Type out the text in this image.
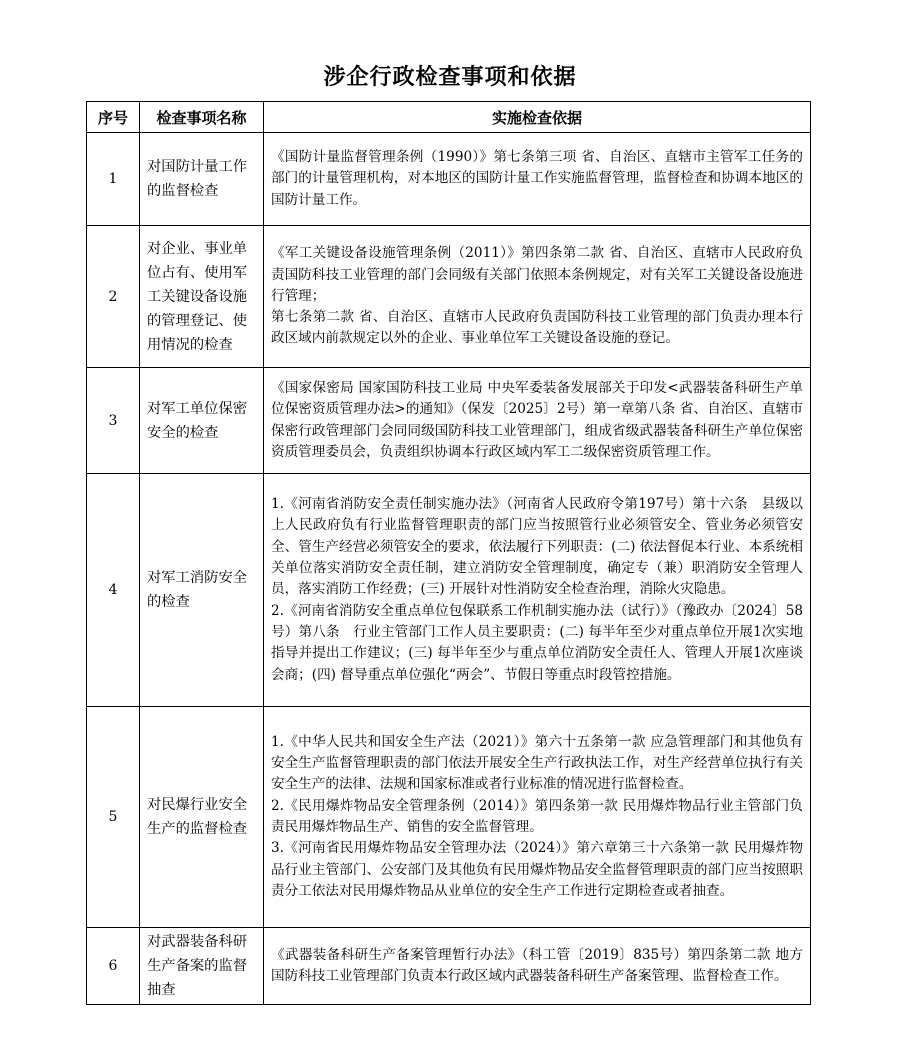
涉企行政检查事项和依据
序号	检查事项名称	实施检查依据
1	对国防计量工作的监督检查	《国防计量监督管理条例（1990）》第七条第三项 省、自治区、直辖市主管军工任务的部门的计量管理机构，对本地区的国防计量工作实施监督管理，监督检查和协调本地区的国防计量工作。

2	对企业、事业单位占有、使用军工关键设备设施的管理登记、使用情况的检查	《军工关键设备设施管理条例（2011）》第四条第二款 省、自治区、直辖市人民政府负责国防科技工业管理的部门会同级有关部门依照本条例规定，对有关军工关键设备设施进行管理；
第七条第二款 省、自治区、直辖市人民政府负责国防科技工业管理的部门负责办理本行政区域内前款规定以外的企业、事业单位军工关键设备设施的登记。

3	对军工单位保密安全的检查	《国家保密局 国家国防科技工业局 中央军委装备发展部关于印发<武器装备科研生产单位保密资质管理办法>的通知》（保发〔2025〕2号）第一章第八条 省、自治区、直辖市保密行政管理部门会同同级国防科技工业管理部门，组成省级武器装备科研生产单位保密资质管理委员会，负责组织协调本行政区域内军工二级保密资质管理工作。

4	对军工消防安全的检查	1.《河南省消防安全责任制实施办法》（河南省人民政府令第197号）第十六条　县级以上人民政府负有行业监督管理职责的部门应当按照管行业必须管安全、管业务必须管安全、管生产经营必须管安全的要求，依法履行下列职责：(二) 依法督促本行业、本系统相关单位落实消防安全责任制，建立消防安全管理制度，确定专（兼）职消防安全管理人员，落实消防工作经费；(三) 开展针对性消防安全检查治理，消除火灾隐患。
2.《河南省消防安全重点单位包保联系工作机制实施办法（试行）》（豫政办〔2024〕58号）第八条　行业主管部门工作人员主要职责：(二) 每半年至少对重点单位开展1次实地指导并提出工作建议；(三) 每半年至少与重点单位消防安全责任人、管理人开展1次座谈会商；(四) 督导重点单位强化“两会”、节假日等重点时段管控措施。

5	对民爆行业安全生产的监督检查	1.《中华人民共和国安全生产法（2021）》第六十五条第一款 应急管理部门和其他负有安全生产监督管理职责的部门依法开展安全生产行政执法工作，对生产经营单位执行有关安全生产的法律、法规和国家标准或者行业标准的情况进行监督检查。
2.《民用爆炸物品安全管理条例（2014）》第四条第一款 民用爆炸物品行业主管部门负责民用爆炸物品生产、销售的安全监督管理。
3.《河南省民用爆炸物品安全管理办法（2024）》第六章第三十六条第一款 民用爆炸物品行业主管部门、公安部门及其他负有民用爆炸物品安全监督管理职责的部门应当按照职责分工依法对民用爆炸物品从业单位的安全生产工作进行定期检查或者抽查。

6	对武器装备科研生产备案的监督抽查	《武器装备科研生产备案管理暂行办法》（科工管〔2019〕835号）第四条第二款 地方国防科技工业管理部门负责本行政区域内武器装备科研生产备案管理、监督检查工作。
